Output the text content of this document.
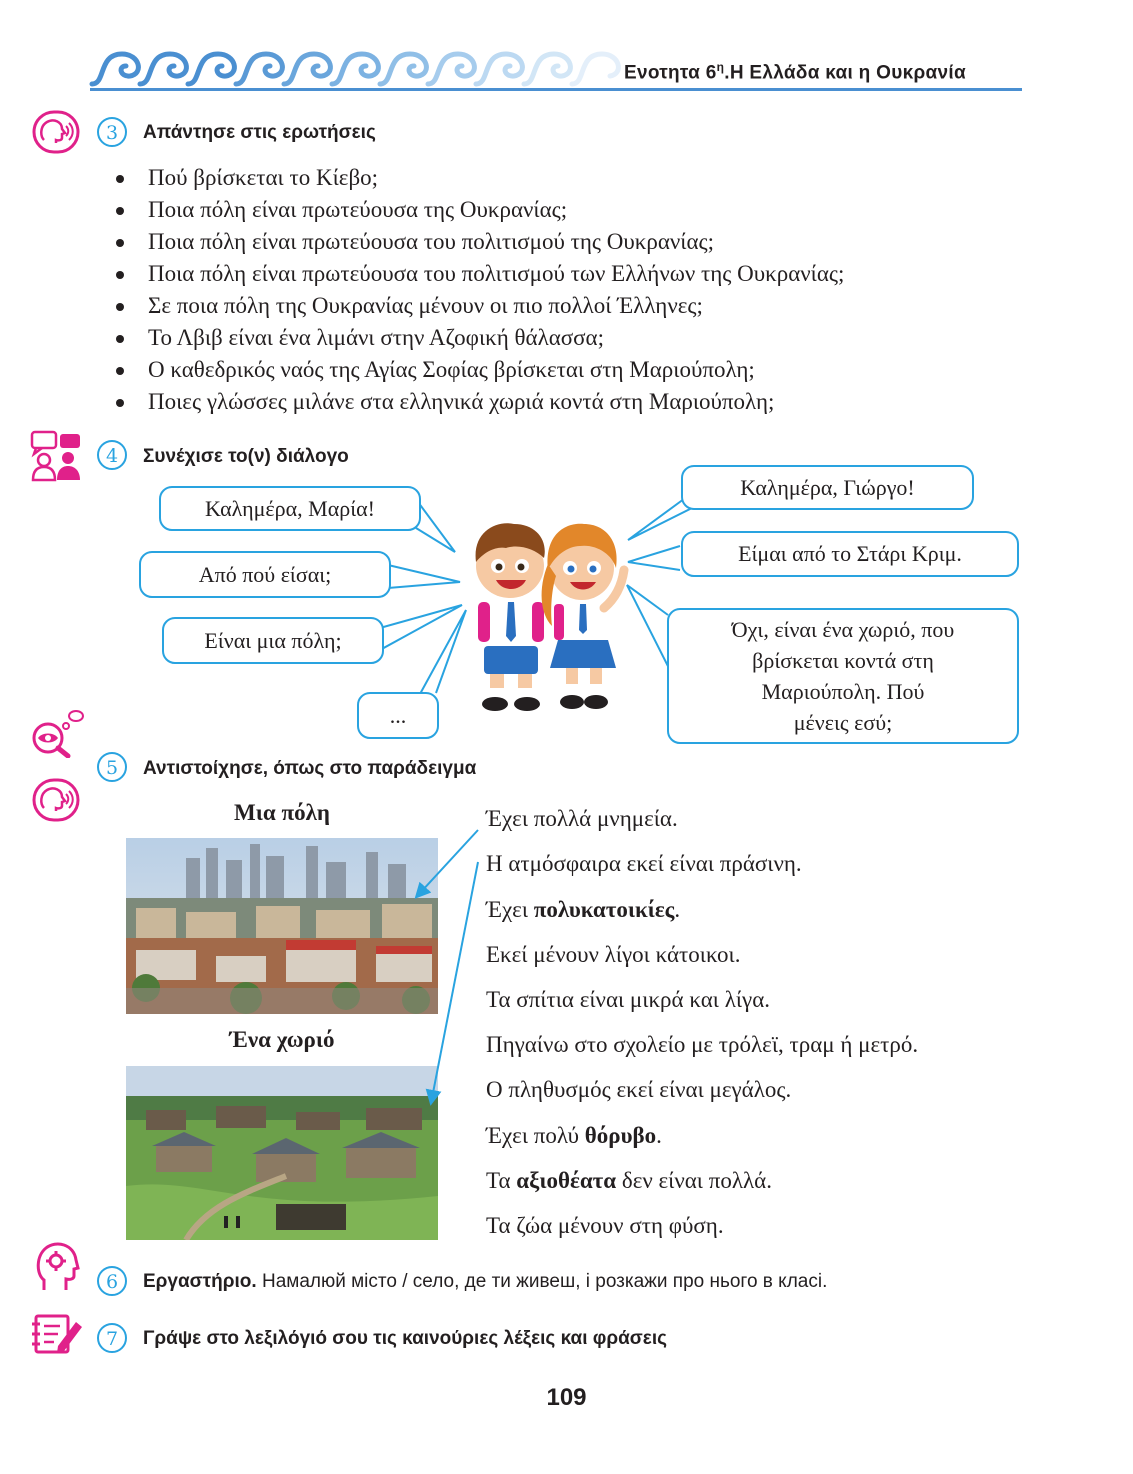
Ενοτητα $6^\eta.H$ Ελλάδα και η Ουκρανία
3	Απάντησε στις ερωτήσεις
Πού βρίσκεται το Κίεβο;
Ποια πόλη είναι πρωτεύουσα της Ουκρανίας;
Ποια πόλη είναι πρωτεύουσα του πολιτισμού της Ουκρανίας;
Ποια πόλη είναι πρωτεύουσα του πολιτισμού των Ελλήνων της Ουκρανίας;
Σε ποια πόλη της Ουκρανίας μένουν οι πιο πολλοί Έλληνες;
Το Λβιβ είναι ένα λιμάνι στην Αζοφική θάλασσα;
Ο καθεδρικός ναός της Αγίας Σοφίας βρίσκεται στη Μαριούπολη;
Ποιες γλώσσες μιλάνε στα ελληνικά χωριά κοντά στη Μαριούπολη;
4	Συνέχισε το(ν) διάλογο
Καλημέρα, Μαρία!
Από πού είσαι;
Είναι μια πόλη;
...
Καλημέρα, Γιώργο!
Είμαι από το Στάρι Κριμ.
Όχι, είναι ένα χωριό, που
βρίσκεται κοντά στη
Μαριούπολη. Πού
μένεις εσύ;
5	Αντιστοίχησε, όπως στο παράδειγμα
Μια πόλη
Ένα χωριό
Έχει πολλά μνημεία.
Η ατμόσφαιρα εκεί είναι πράσινη.
Έχει πολυκατοικίες.
Εκεί μένουν λίγοι κάτοικοι.
Τα σπίτια είναι μικρά και λίγα.
Πηγαίνω στο σχολείο με τρόλεϊ, τραμ ή μετρό.
Ο πληθυσμός εκεί είναι μεγάλος.
Έχει πολύ θόρυβο.
Τα αξιοθέατα δεν είναι πολλά.
Τα ζώα μένουν στη φύση.
6	Εργαστήριο. Намалюй місто / село, де ти живеш, і розкажи про нього в класі.
7	Γράψε στο λεξιλόγιό σου τις καινούριες λέξεις και φράσεις
109
